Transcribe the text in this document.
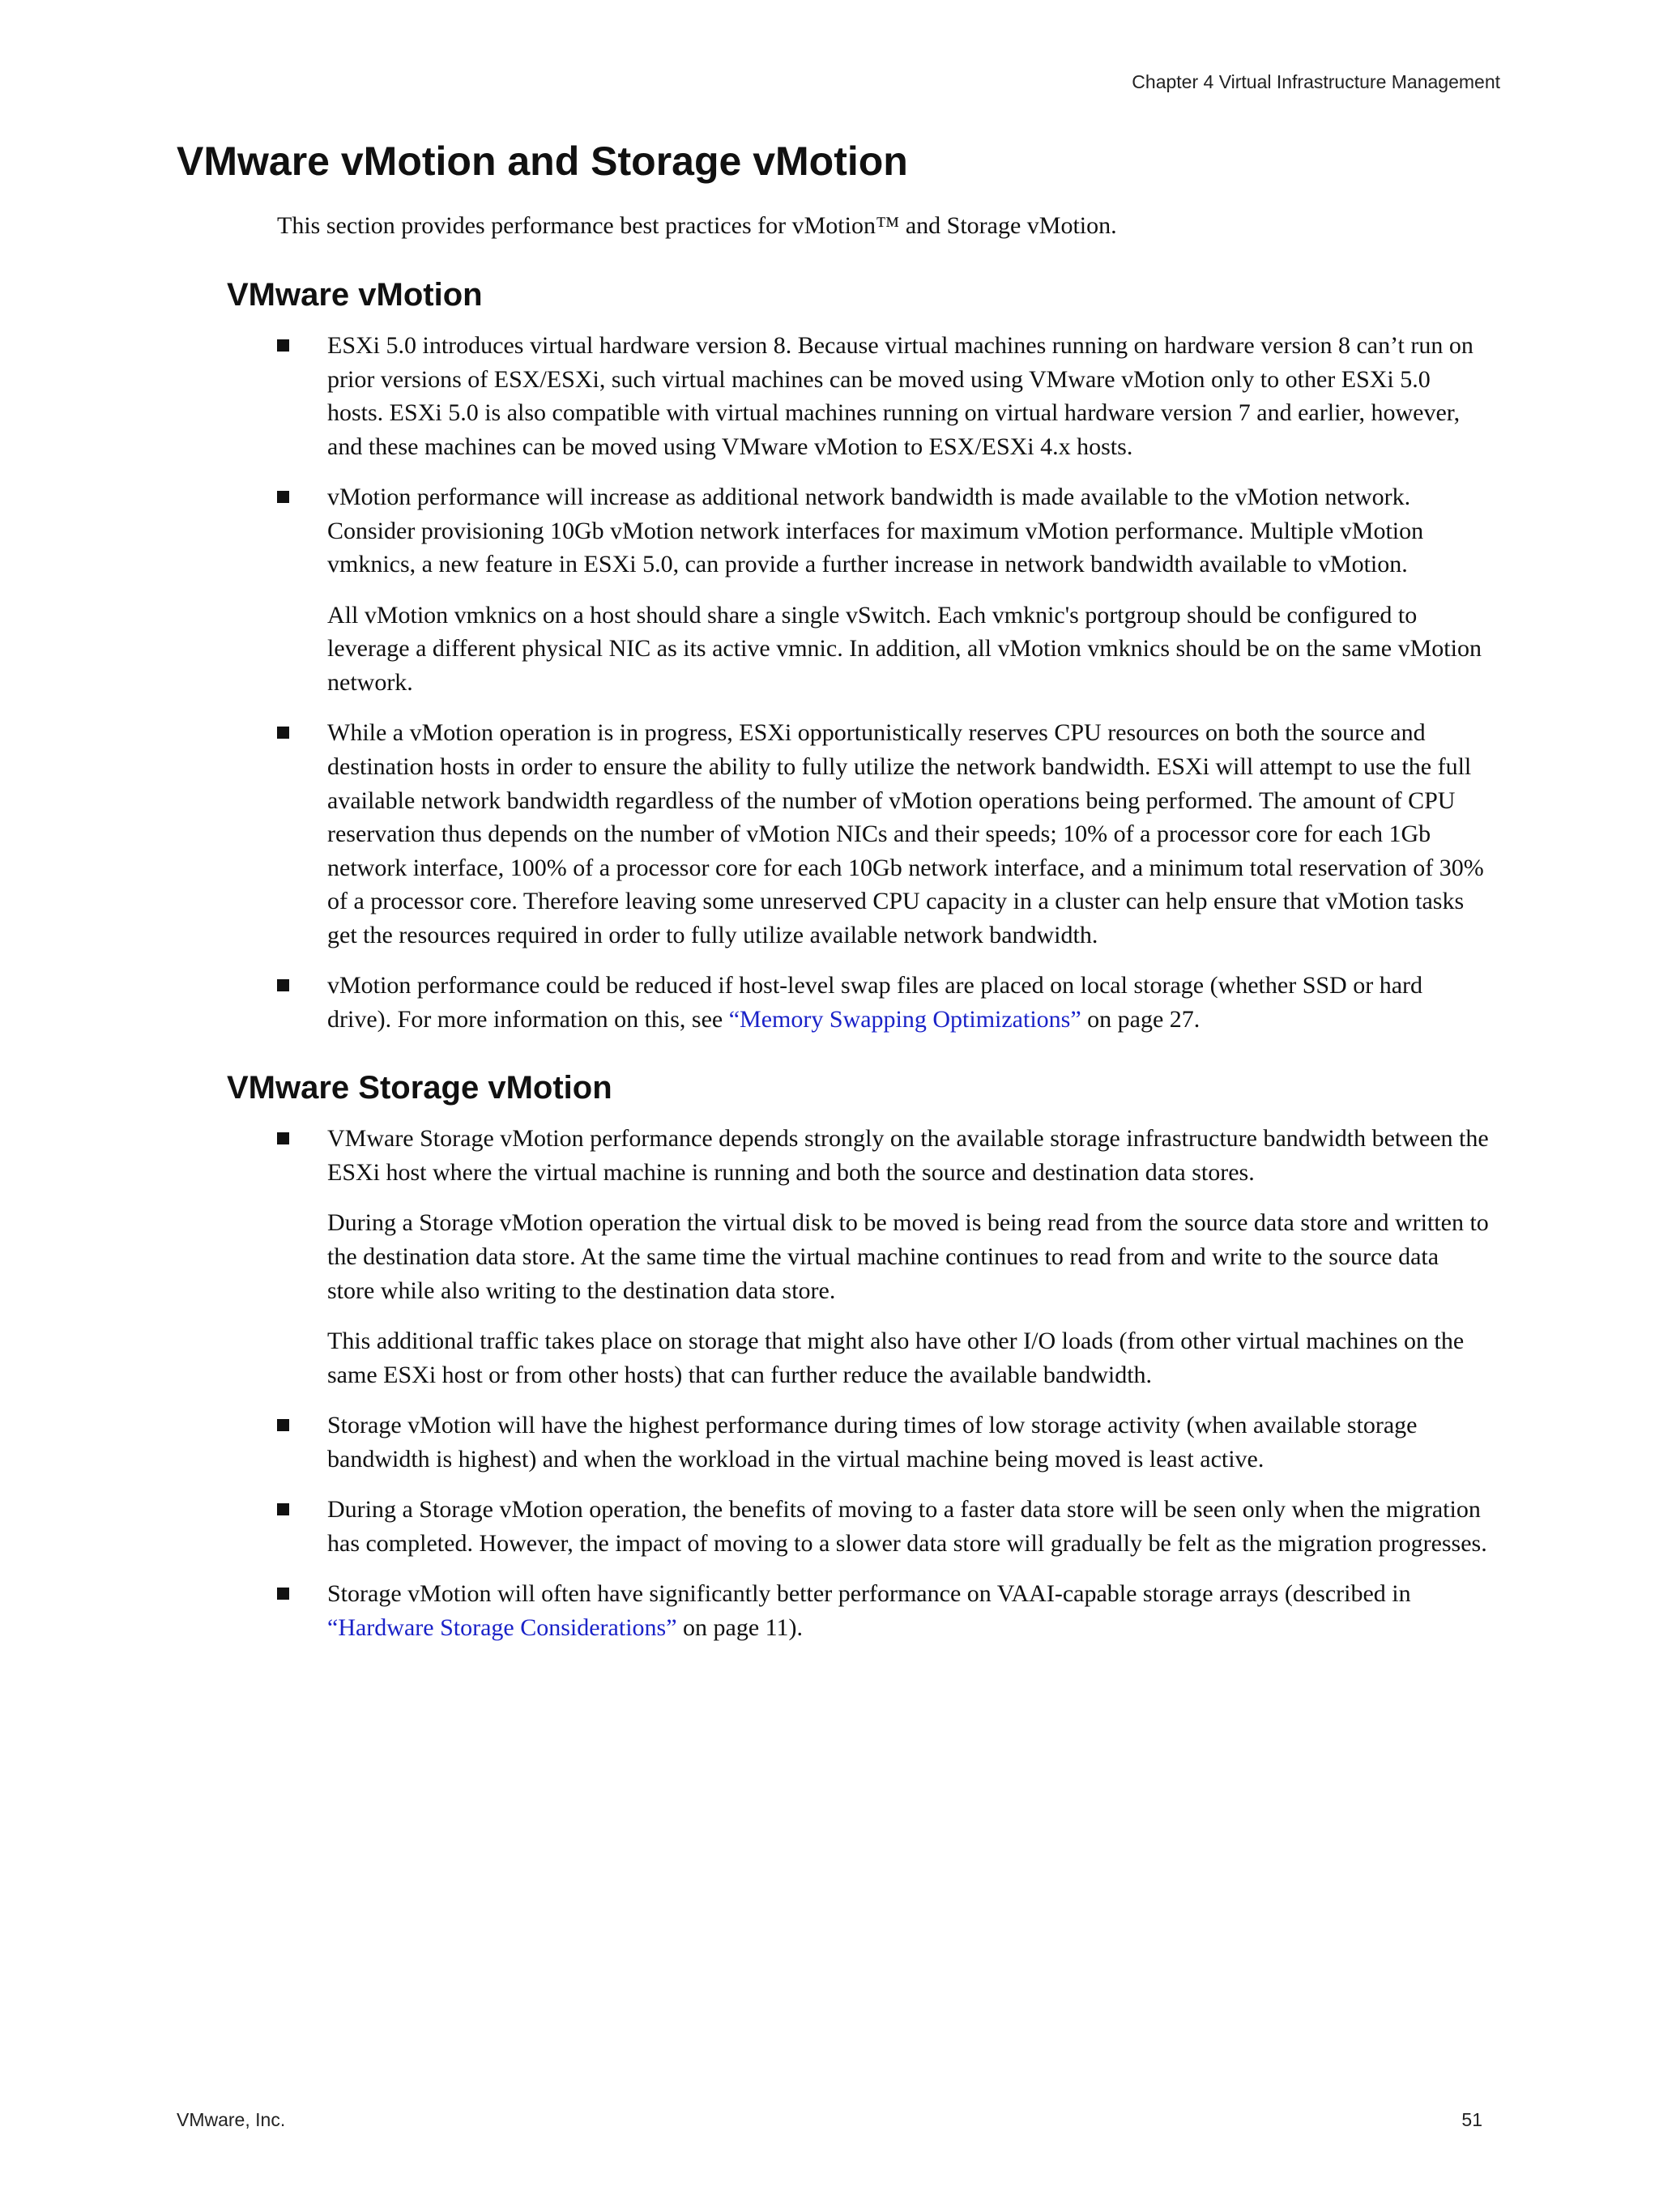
Chapter 4 Virtual Infrastructure Management
VMware vMotion and Storage vMotion

This section provides performance best practices for vMotion™ and Storage vMotion.

VMware vMotion

ESXi 5.0 introduces virtual hardware version 8. Because virtual machines running on hardware version 8 can’t run on prior versions of ESX/ESXi, such virtual machines can be moved using VMware vMotion only to other ESXi 5.0 hosts. ESXi 5.0 is also compatible with virtual machines running on virtual hardware version 7 and earlier, however, and these machines can be moved using VMware vMotion to ESX/ESXi 4.x hosts.

vMotion performance will increase as additional network bandwidth is made available to the vMotion network. Consider provisioning 10Gb vMotion network interfaces for maximum vMotion performance. Multiple vMotion vmknics, a new feature in ESXi 5.0, can provide a further increase in network bandwidth available to vMotion.

All vMotion vmknics on a host should share a single vSwitch. Each vmknic's portgroup should be configured to leverage a different physical NIC as its active vmnic. In addition, all vMotion vmknics should be on the same vMotion network.

While a vMotion operation is in progress, ESXi opportunistically reserves CPU resources on both the source and destination hosts in order to ensure the ability to fully utilize the network bandwidth. ESXi will attempt to use the full available network bandwidth regardless of the number of vMotion operations being performed. The amount of CPU reservation thus depends on the number of vMotion NICs and their speeds; 10% of a processor core for each 1Gb network interface, 100% of a processor core for each 10Gb network interface, and a minimum total reservation of 30% of a processor core. Therefore leaving some unreserved CPU capacity in a cluster can help ensure that vMotion tasks get the resources required in order to fully utilize available network bandwidth.

vMotion performance could be reduced if host-level swap files are placed on local storage (whether SSD or hard drive). For more information on this, see “Memory Swapping Optimizations” on page 27.

VMware Storage vMotion

VMware Storage vMotion performance depends strongly on the available storage infrastructure bandwidth between the ESXi host where the virtual machine is running and both the source and destination data stores.

During a Storage vMotion operation the virtual disk to be moved is being read from the source data store and written to the destination data store. At the same time the virtual machine continues to read from and write to the source data store while also writing to the destination data store.

This additional traffic takes place on storage that might also have other I/O loads (from other virtual machines on the same ESXi host or from other hosts) that can further reduce the available bandwidth.

Storage vMotion will have the highest performance during times of low storage activity (when available storage bandwidth is highest) and when the workload in the virtual machine being moved is least active.

During a Storage vMotion operation, the benefits of moving to a faster data store will be seen only when the migration has completed. However, the impact of moving to a slower data store will gradually be felt as the migration progresses.

Storage vMotion will often have significantly better performance on VAAI-capable storage arrays (described in “Hardware Storage Considerations” on page 11).

VMware, Inc.	51
